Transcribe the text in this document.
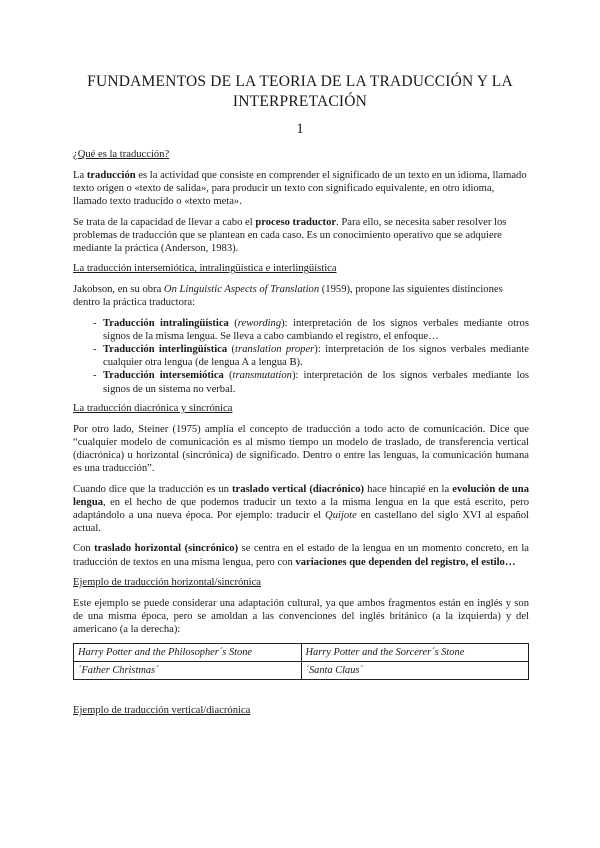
FUNDAMENTOS DE LA TEORIA DE LA TRADUCCIÓN Y LA INTERPRETACIÓN
1
¿Qué es la traducción?

La traducción es la actividad que consiste en comprender el significado de un texto en un idioma, llamado texto origen o «texto de salida», para producir un texto con significado equivalente, en otro idioma, llamado texto traducido o «texto meta».

Se trata de la capacidad de llevar a cabo el proceso traductor. Para ello, se necesita saber resolver los problemas de traducción que se plantean en cada caso. Es un conocimiento operativo que se adquiere mediante la práctica (Anderson, 1983).

La traducción intersemiótica, intralingüística e interlingüística

Jakobson, en su obra On Linguistic Aspects of Translation (1959), propone las siguientes distinciones dentro la práctica traductora:

- Traducción intralingüística (rewording): interpretación de los signos verbales mediante otros signos de la misma lengua. Se lleva a cabo cambiando el registro, el enfoque…
- Traducción interlingüística (translation proper): interpretación de los signos verbales mediante cualquier otra lengua (de lengua A a lengua B).
- Traducción intersemiótica (transmutation): interpretación de los signos verbales mediante los signos de un sistema no verbal.
La traducción diacrónica y sincrónica

Por otro lado, Steiner (1975) amplía el concepto de traducción a todo acto de comunicación. Dice que “cualquier modelo de comunicación es al mismo tiempo un modelo de traslado, de transferencia vertical (diacrónica) u horizontal (sincrónica) de significado. Dentro o entre las lenguas, la comunicación humana es una traducción”.

Cuando dice que la traducción es un traslado vertical (diacrónico) hace hincapié en la evolución de una lengua, en el hecho de que podemos traducir un texto a la misma lengua en la que está escrito, pero adaptándolo a una nueva época. Por ejemplo: traducir el Quijote en castellano del siglo XVI al español actual.

Con traslado horizontal (sincrónico) se centra en el estado de la lengua en un momento concreto, en la traducción de textos en una misma lengua, pero con variaciones que dependen del registro, el estilo…

Ejemplo de traducción horizontal/sincrónica

Este ejemplo se puede considerar una adaptación cultural, ya que ambos fragmentos están en inglés y son de una misma época, pero se amoldan a las convenciones del inglés británico (a la izquierda) y del americano (a la derecha):

Harry Potter and the Philosopher´s Stone	Harry Potter and the Sorcerer´s Stone
´Father Christmas´	´Santa Claus´
Ejemplo de traducción vertical/diacrónica
